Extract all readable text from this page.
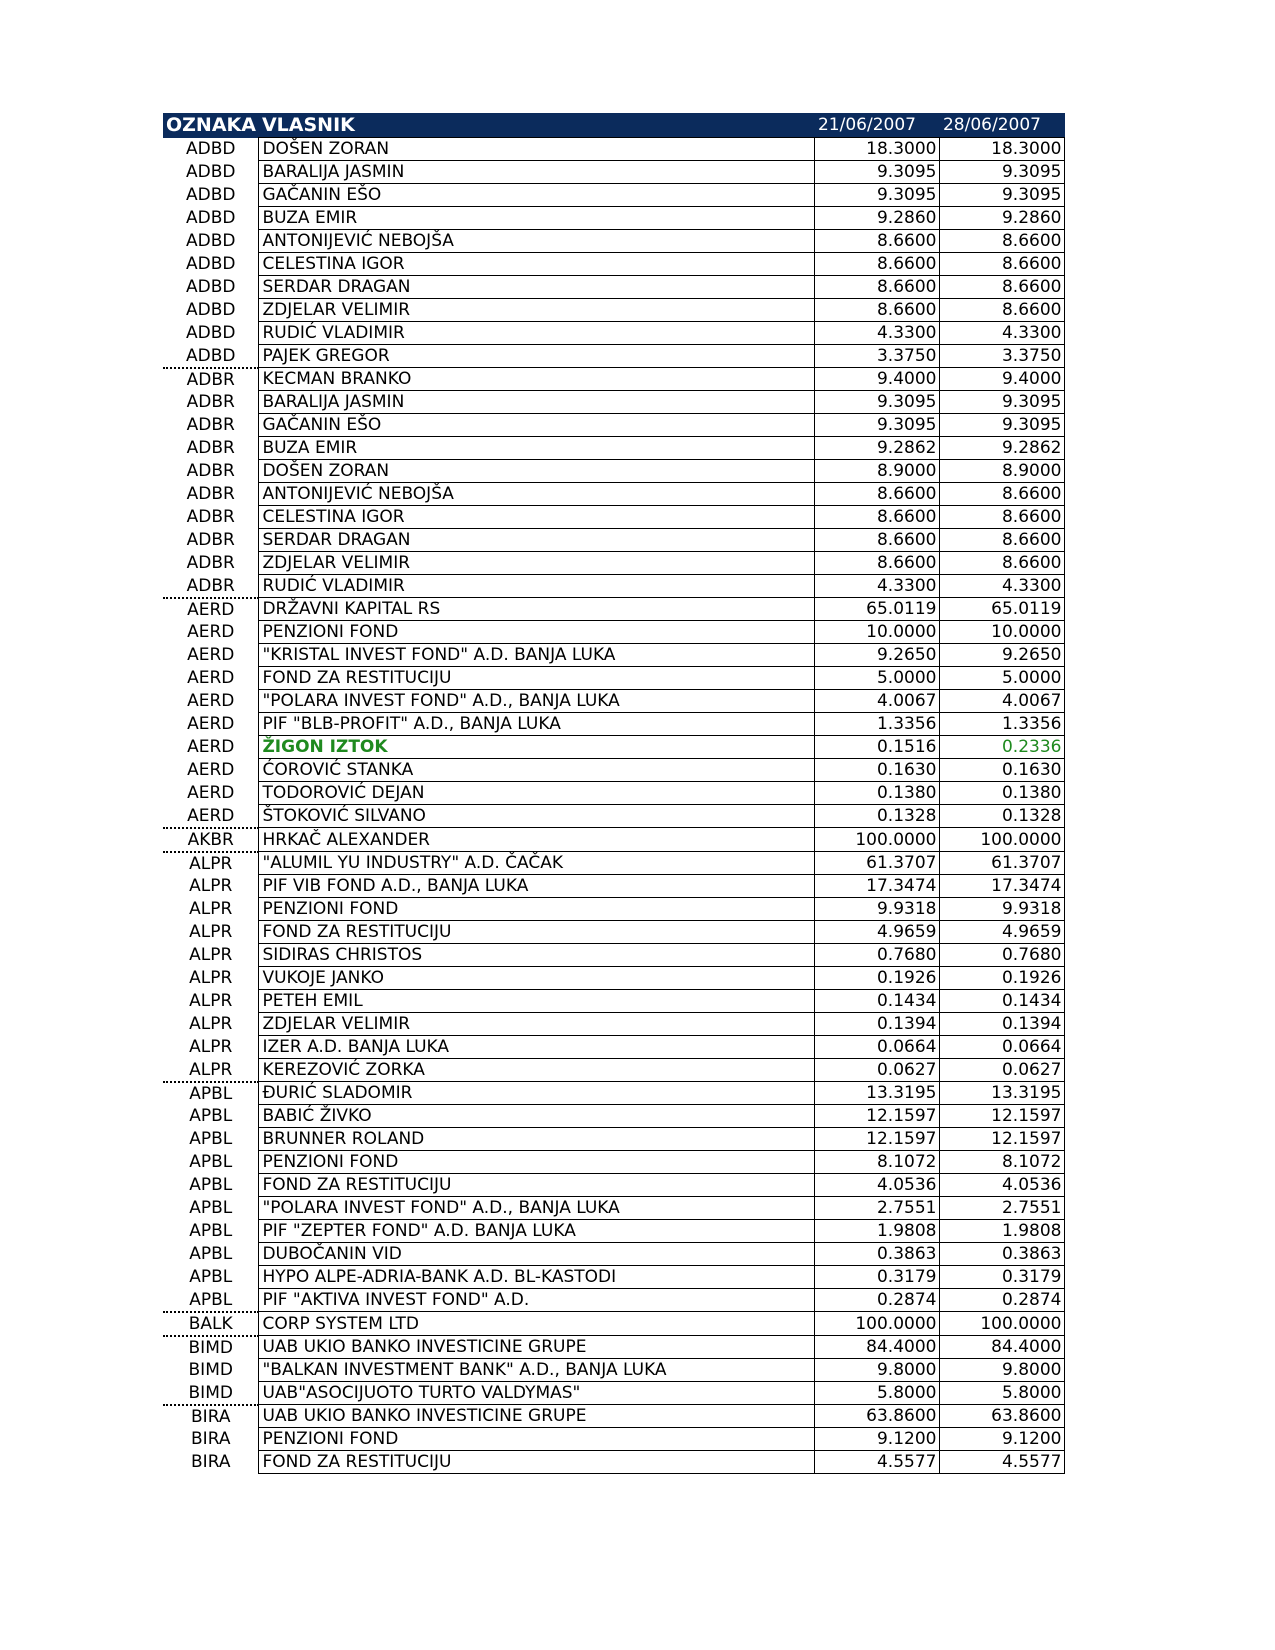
OZNAKA	VLASNIK	21/06/2007	28/06/2007
ADBD	DOŠEN ZORAN	18.3000	18.3000
ADBD	BARALIJA JASMIN	9.3095	9.3095
ADBD	GAČANIN EŠO	9.3095	9.3095
ADBD	BUZA EMIR	9.2860	9.2860
ADBD	ANTONIJEVIĆ NEBOJŠA	8.6600	8.6600
ADBD	CELESTINA IGOR	8.6600	8.6600
ADBD	SERDAR DRAGAN	8.6600	8.6600
ADBD	ZDJELAR VELIMIR	8.6600	8.6600
ADBD	RUDIĆ VLADIMIR	4.3300	4.3300
ADBD	PAJEK GREGOR	3.3750	3.3750
ADBR	KECMAN BRANKO	9.4000	9.4000
ADBR	BARALIJA JASMIN	9.3095	9.3095
ADBR	GAČANIN EŠO	9.3095	9.3095
ADBR	BUZA EMIR	9.2862	9.2862
ADBR	DOŠEN ZORAN	8.9000	8.9000
ADBR	ANTONIJEVIĆ NEBOJŠA	8.6600	8.6600
ADBR	CELESTINA IGOR	8.6600	8.6600
ADBR	SERDAR DRAGAN	8.6600	8.6600
ADBR	ZDJELAR VELIMIR	8.6600	8.6600
ADBR	RUDIĆ VLADIMIR	4.3300	4.3300
AERD	DRŽAVNI KAPITAL RS	65.0119	65.0119
AERD	PENZIONI FOND	10.0000	10.0000
AERD	"KRISTAL INVEST FOND" A.D. BANJA LUKA	9.2650	9.2650
AERD	FOND ZA RESTITUCIJU	5.0000	5.0000
AERD	"POLARA INVEST FOND" A.D., BANJA LUKA	4.0067	4.0067
AERD	PIF "BLB-PROFIT" A.D., BANJA LUKA	1.3356	1.3356
AERD	ŽIGON IZTOK	0.1516	0.2336
AERD	ĆOROVIĆ STANKA	0.1630	0.1630
AERD	TODOROVIĆ DEJAN	0.1380	0.1380
AERD	ŠTOKOVIĆ SILVANO	0.1328	0.1328
AKBR	HRKAČ ALEXANDER	100.0000	100.0000
ALPR	"ALUMIL YU INDUSTRY" A.D. ČAČAK	61.3707	61.3707
ALPR	PIF VIB FOND A.D., BANJA LUKA	17.3474	17.3474
ALPR	PENZIONI FOND	9.9318	9.9318
ALPR	FOND ZA RESTITUCIJU	4.9659	4.9659
ALPR	SIDIRAS CHRISTOS	0.7680	0.7680
ALPR	VUKOJE JANKO	0.1926	0.1926
ALPR	PETEH EMIL	0.1434	0.1434
ALPR	ZDJELAR VELIMIR	0.1394	0.1394
ALPR	IZER A.D. BANJA LUKA	0.0664	0.0664
ALPR	KEREZOVIĆ ZORKA	0.0627	0.0627
APBL	ĐURIĆ SLADOMIR	13.3195	13.3195
APBL	BABIĆ ŽIVKO	12.1597	12.1597
APBL	BRUNNER ROLAND	12.1597	12.1597
APBL	PENZIONI FOND	8.1072	8.1072
APBL	FOND ZA RESTITUCIJU	4.0536	4.0536
APBL	"POLARA INVEST FOND" A.D., BANJA LUKA	2.7551	2.7551
APBL	PIF "ZEPTER FOND" A.D. BANJA LUKA	1.9808	1.9808
APBL	DUBOČANIN VID	0.3863	0.3863
APBL	HYPO ALPE-ADRIA-BANK A.D. BL-KASTODI	0.3179	0.3179
APBL	PIF "AKTIVA INVEST FOND" A.D.	0.2874	0.2874
BALK	CORP SYSTEM LTD	100.0000	100.0000
BIMD	UAB UKIO BANKO INVESTICINE GRUPE	84.4000	84.4000
BIMD	"BALKAN INVESTMENT BANK" A.D., BANJA LUKA	9.8000	9.8000
BIMD	UAB"ASOCIJUOTO TURTO VALDYMAS"	5.8000	5.8000
BIRA	UAB UKIO BANKO INVESTICINE GRUPE	63.8600	63.8600
BIRA	PENZIONI FOND	9.1200	9.1200
BIRA	FOND ZA RESTITUCIJU	4.5577	4.5577
